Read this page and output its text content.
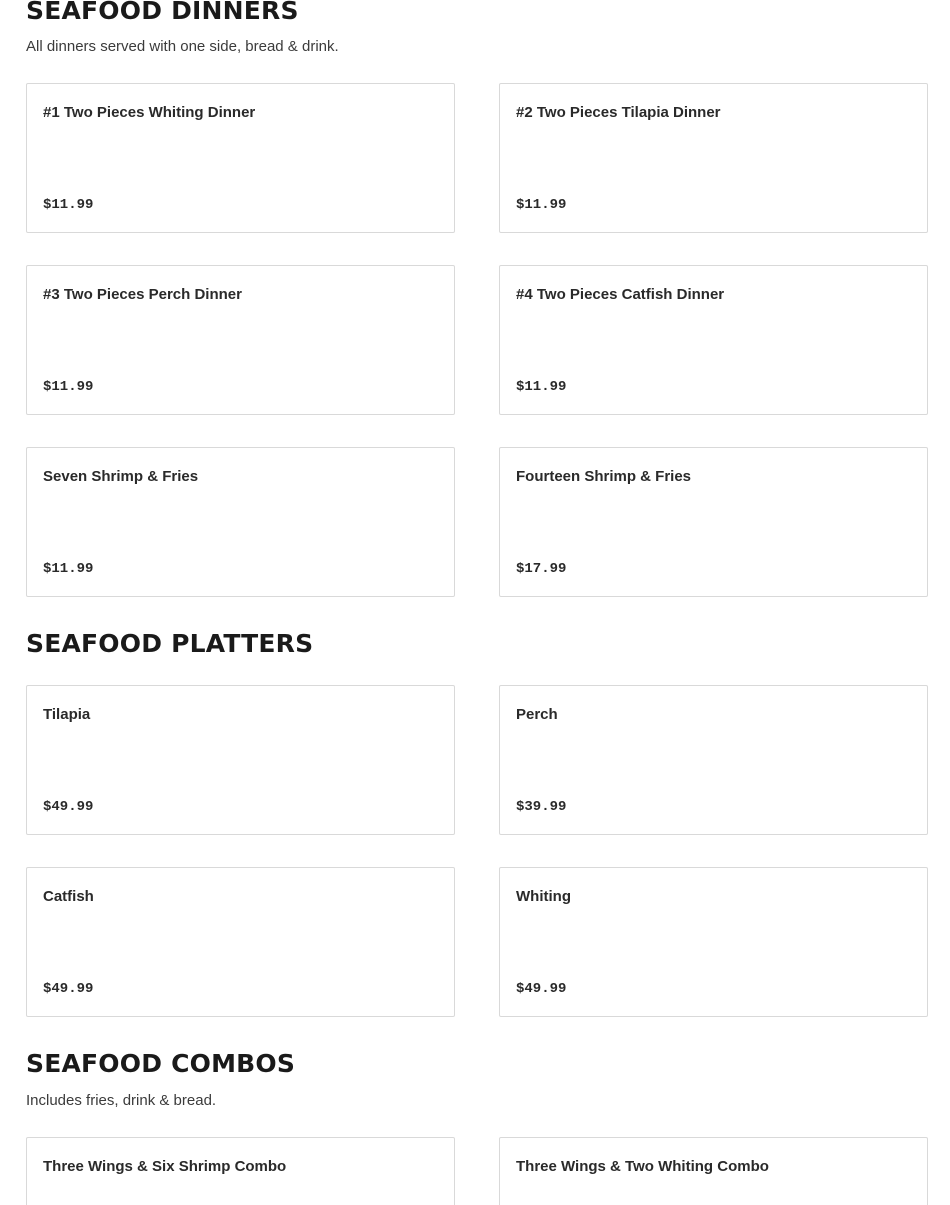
SEAFOOD DINNERS

All dinners served with one side, bread & drink.

#1 Two Pieces Whiting Dinner
$11.99
#2 Two Pieces Tilapia Dinner
$11.99
#3 Two Pieces Perch Dinner
$11.99
#4 Two Pieces Catfish Dinner
$11.99
Seven Shrimp & Fries
$11.99
Fourteen Shrimp & Fries
$17.99
SEAFOOD PLATTERS
Tilapia
$49.99
Perch
$39.99
Catfish
$49.99
Whiting
$49.99
SEAFOOD COMBOS

Includes fries, drink & bread.

Three Wings & Six Shrimp Combo	Three Wings & Two Whiting Combo
